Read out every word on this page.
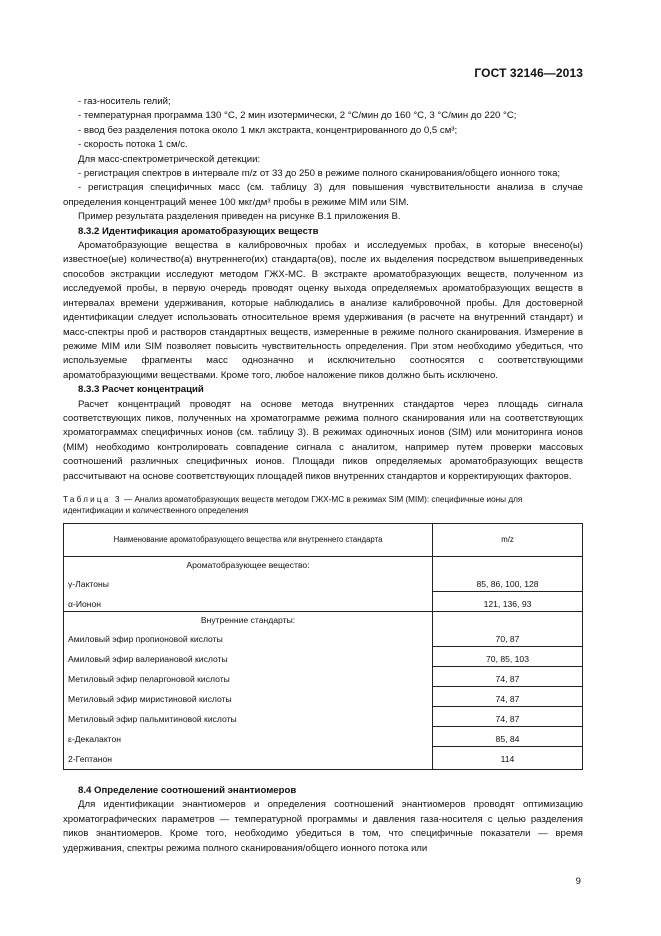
ГОСТ 32146—2013

- газ-носитель гелий;

- температурная программа 130 °С, 2 мин изотермически, 2 °С/мин до 160 °С, 3 °С/мин до 220 °С;

- ввод без разделения потока около 1 мкл экстракта, концентрированного до 0,5 см³;

- скорость потока 1 см/с.

Для масс-спектрометрической детекции:

- регистрация спектров в интервале m/z от 33 до 250 в режиме полного сканирования/общего ионного тока;

- регистрация специфичных масс (см. таблицу 3) для повышения чувствительности анализа в случае определения концентраций менее 100 мкг/дм³ пробы в режиме MIM или SIM.

Пример результата разделения приведен на рисунке В.1 приложения В.

8.3.2 Идентификация ароматобразующих веществ

Ароматобразующие вещества в калибровочных пробах и исследуемых пробах, в которые внесено(ы) известное(ые) количество(а) внутреннего(их) стандарта(ов), после их выделения посредством вышеприведенных способов экстракции исследуют методом ГЖХ-МС. В экстракте ароматобразующих веществ, полученном из исследуемой пробы, в первую очередь проводят оценку выхода определяемых ароматобразующих веществ в интервалах времени удерживания, которые наблюдались в анализе калибровочной пробы. Для достоверной идентификации следует использовать относительное время удерживания (в расчете на внутренний стандарт) и масс-спектры проб и растворов стандартных веществ, измеренные в режиме полного сканирования. Измерение в режиме MIM или SIM позволяет повысить чувствительность определения. При этом необходимо убедиться, что используемые фрагменты масс однозначно и исключительно соотносятся с соответствующими ароматобразующими веществами. Кроме того, любое наложение пиков должно быть исключено.

8.3.3 Расчет концентраций

Расчет концентраций проводят на основе метода внутренних стандартов через площадь сигнала соответствующих пиков, полученных на хроматограмме режима полного сканирования или на соответствующих хроматограммах специфичных ионов (см. таблицу 3). В режимах одиночных ионов (SIM) или мониторинга ионов (MIM) необходимо контролировать совпадение сигнала с аналитом, например путем проверки массовых соотношений различных специфичных ионов. Площади пиков определяемых ароматобразующих веществ рассчитывают на основе соответствующих площадей пиков внутренних стандартов и корректирующих факторов.

Таблица 3 — Анализ ароматобразующих веществ методом ГЖХ-МС в режимах SIM (MIM): специфичные ионы для идентификации и количественного определения

Наименование ароматобразующего вещества или внутреннего стандарта	m/z
Ароматобразующее вещество:	
γ-Лактоны	85, 86, 100, 128
α-Ионон	121, 136, 93
Внутренние стандарты:	
Амиловый эфир пропионовой кислоты	70, 87
Амиловый эфир валериановой кислоты	70, 85, 103
Метиловый эфир пеларгоновой кислоты	74, 87
Метиловый эфир миристиновой кислоты	74, 87
Метиловый эфир пальмитиновой кислоты	74, 87
ε-Декалактон	85, 84
2-Гептанон	114

8.4 Определение соотношений энантиомеров

Для идентификации энантиомеров и определения соотношений энантиомеров проводят оптимизацию хроматографических параметров — температурной программы и давления газа-носителя с целью разделения пиков энантиомеров. Кроме того, необходимо убедиться в том, что специфичные показатели — время удерживания, спектры режима полного сканирования/общего ионного потока или

9
